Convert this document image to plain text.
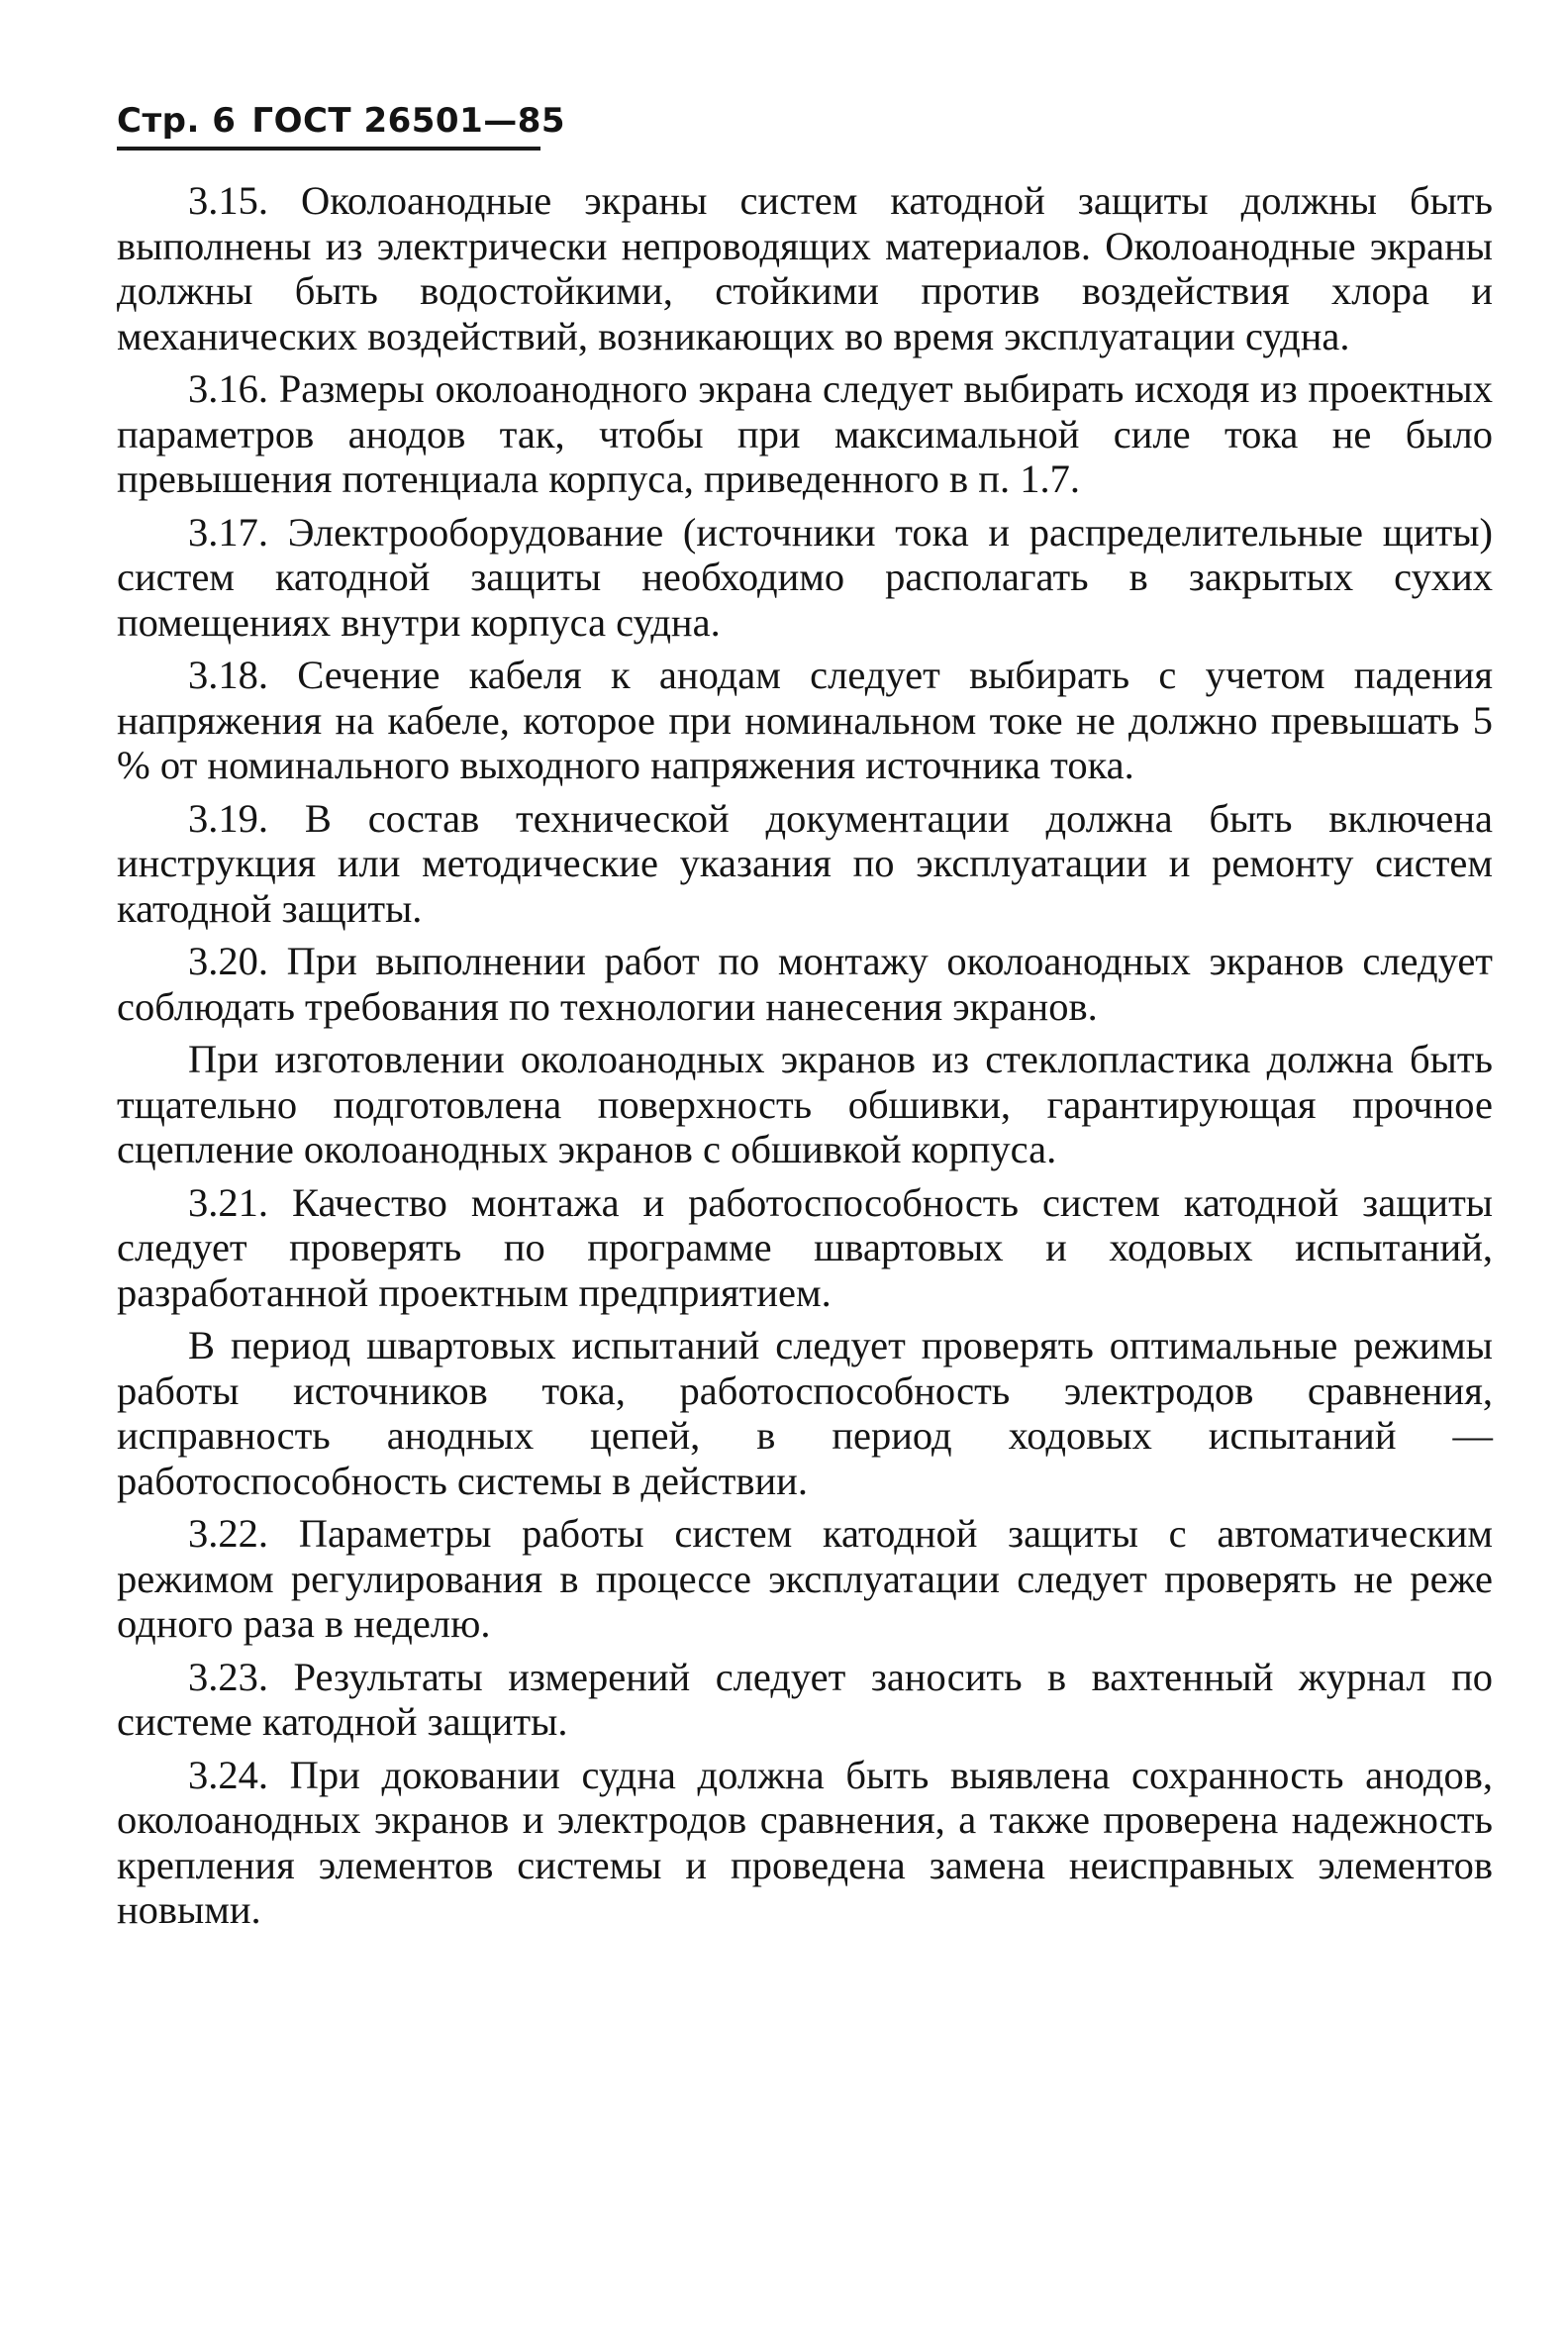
Стр. 6 ГОСТ 26501—85

3.15. Околоанодные экраны систем катодной защиты должны быть выполнены из электрически непроводящих материалов. Околоанодные экраны должны быть водостойкими, стойкими против воздействия хлора и механических воздействий, возникающих во время эксплуатации судна.

3.16. Размеры околоанодного экрана следует выбирать исходя из проектных параметров анодов так, чтобы при максимальной силе тока не было превышения потенциала корпуса, приведенного в п. 1.7.

3.17. Электрооборудование (источники тока и распределительные щиты) систем катодной защиты необходимо располагать в закрытых сухих помещениях внутри корпуса судна.

3.18. Сечение кабеля к анодам следует выбирать с учетом падения напряжения на кабеле, которое при номинальном токе не должно превышать 5 % от номинального выходного напряжения источника тока.

3.19. В состав технической документации должна быть включена инструкция или методические указания по эксплуатации и ремонту систем катодной защиты.

3.20. При выполнении работ по монтажу околоанодных экранов следует соблюдать требования по технологии нанесения экранов.

При изготовлении околоанодных экранов из стеклопластика должна быть тщательно подготовлена поверхность обшивки, гарантирующая прочное сцепление околоанодных экранов с обшивкой корпуса.

3.21. Качество монтажа и работоспособность систем катодной защиты следует проверять по программе швартовых и ходовых испытаний, разработанной проектным предприятием.

В период швартовых испытаний следует проверять оптимальные режимы работы источников тока, работоспособность электродов сравнения, исправность анодных цепей, в период ходовых испытаний — работоспособность системы в действии.

3.22. Параметры работы систем катодной защиты с автоматическим режимом регулирования в процессе эксплуатации следует проверять не реже одного раза в неделю.

3.23. Результаты измерений следует заносить в вахтенный журнал по системе катодной защиты.

3.24. При доковании судна должна быть выявлена сохранность анодов, околоанодных экранов и электродов сравнения, а также проверена надежность крепления элементов системы и проведена замена неисправных элементов новыми.
